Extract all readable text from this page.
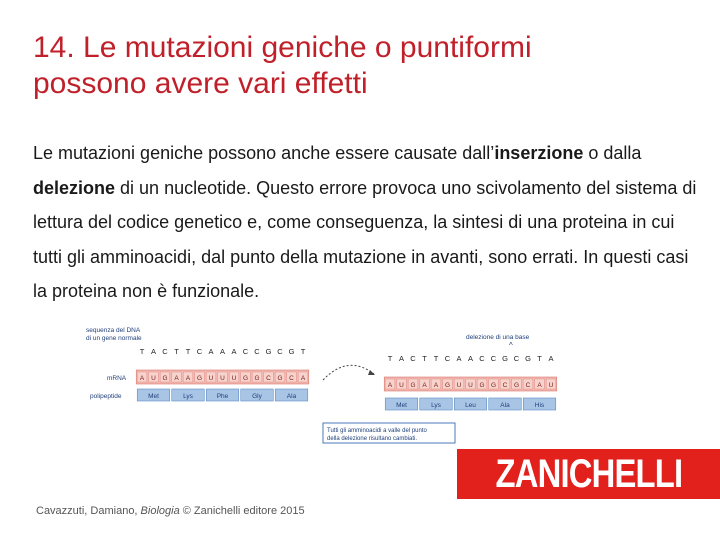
14. Le mutazioni geniche o puntiformi
possono avere vari effetti
Le mutazioni geniche possono anche essere causate dall’inserzione o dalla delezione di un nucleotide. Questo errore provoca uno scivolamento del sistema di lettura del codice genetico e, come conseguenza, la sintesi di una proteina in cui tutti gli amminoacidi, dal punto della mutazione in avanti, sono errati. In questi casi la proteina non è funzionale.
sequenza del DNA
di un gene normale
mRNA
polipeptide
delezione di una base
^
T A C T T C A A A C C G C G T
A U G A A G U U U G G C G C A
Met	Lys	Phe	Gly	Ala
T A C T T C A A C C G C G T A
A U G A A G U U G G C G C A U
Met	Lys	Leu	Ala	His
Tutti gli amminoacidi a valle del punto
della delezione risultano cambiati.
ZANICHELLI
Cavazzuti, Damiano, Biologia © Zanichelli editore 2015
